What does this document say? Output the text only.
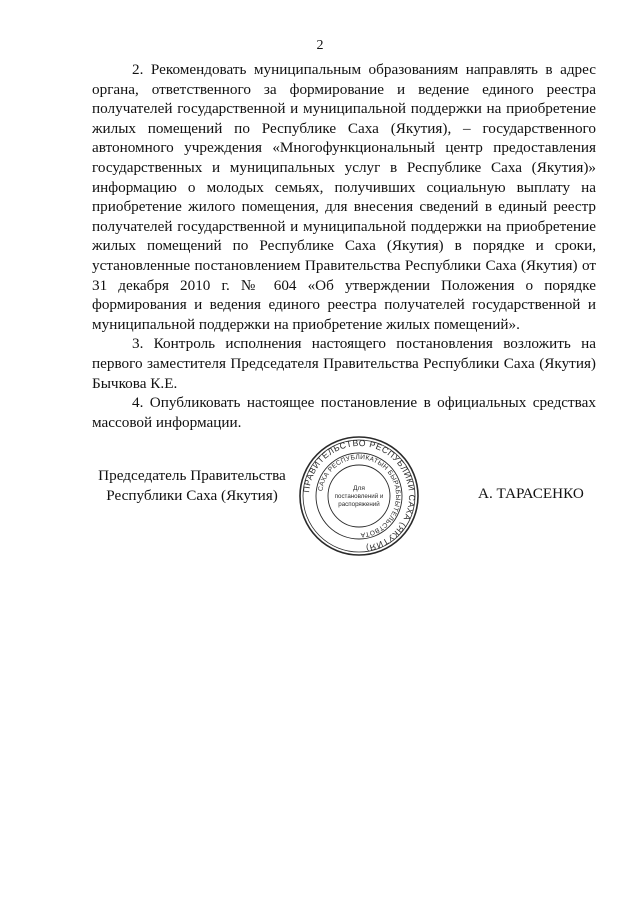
2

2. Рекомендовать муниципальным образованиям направлять в адрес органа, ответственного за формирование и ведение единого реестра получателей государственной и муниципальной поддержки на приобретение жилых помещений по Республике Саха (Якутия), – государственного автономного учреждения «Многофункциональный центр предоставления государственных и муниципальных услуг в Республике Саха (Якутия)» информацию о молодых семьях, получивших социальную выплату на приобретение жилого помещения, для внесения сведений в единый реестр получателей государственной и муниципальной поддержки на приобретение жилых помещений по Республике Саха (Якутия) в порядке и сроки, установленные постановлением Правительства Республики Саха (Якутия) от 31 декабря 2010 г. № 604 «Об утверждении Положения о порядке формирования и ведения единого реестра получателей государственной и муниципальной поддержки на приобретение жилых помещений».

3. Контроль исполнения настоящего постановления возложить на первого заместителя Председателя Правительства Республики Саха (Якутия) Бычкова К.Е.

4. Опубликовать настоящее постановление в официальных средствах массовой информации.

Председатель Правительства
Республики Саха (Якутия)	ПРАВИТЕЛЬСТВО РЕСПУБЛИКИ САХА (ЯКУТИЯ)
САХА РЕСПУБЛИКАТЫН БЫРАБЫЫТЕЛЬСТВОТА
Для
постановлений и
распоряжений
А. ТАРАСЕНКО
